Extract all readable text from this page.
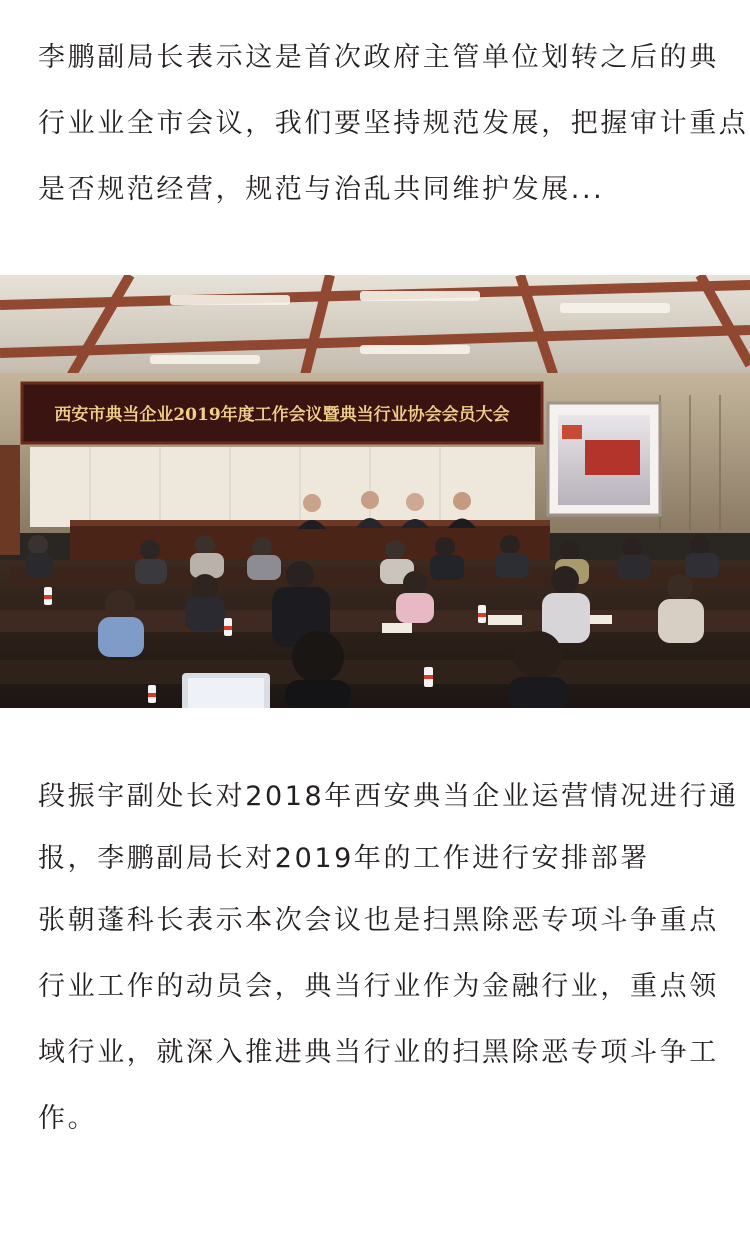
李鹏副局长表示这是首次政府主管单位划转之后的典
行业业全市会议，我们要坚持规范发展，把握审计重点
是否规范经营，规范与治乱共同维护发展...
西安市典当企业2019年度工作会议暨典当行业协会会员大会
段振宇副处长对2018年西安典当企业运营情况进行通
报，李鹏副局长对2019年的工作进行安排部署
张朝蓬科长表示本次会议也是扫黑除恶专项斗争重点
行业工作的动员会，典当行业作为金融行业，重点领
域行业，就深入推进典当行业的扫黑除恶专项斗争工
作。
